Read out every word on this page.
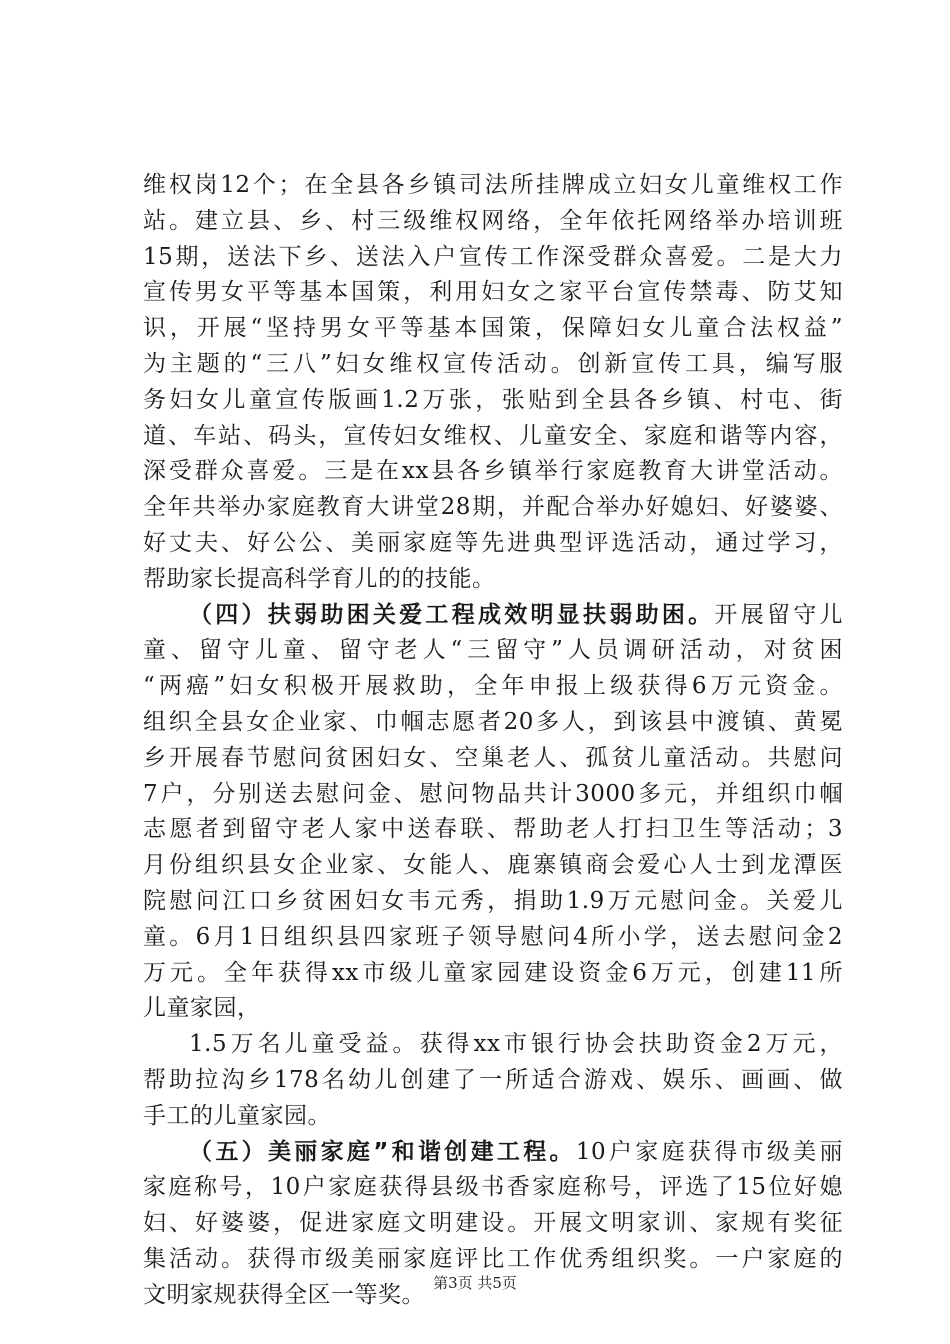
维权岗12个；在全县各乡镇司法所挂牌成立妇女儿童维权工作
站。建立县、乡、村三级维权网络，全年依托网络举办培训班
15期，送法下乡、送法入户宣传工作深受群众喜爱。二是大力
宣传男女平等基本国策，利用妇女之家平台宣传禁毒、防艾知
识，开展“坚持男女平等基本国策，保障妇女儿童合法权益”
为主题的“三八”妇女维权宣传活动。创新宣传工具，编写服
务妇女儿童宣传版画1.2万张，张贴到全县各乡镇、村屯、街
道、车站、码头，宣传妇女维权、儿童安全、家庭和谐等内容，
深受群众喜爱。三是在xx县各乡镇举行家庭教育大讲堂活动。
全年共举办家庭教育大讲堂28期，并配合举办好媳妇、好婆婆、
好丈夫、好公公、美丽家庭等先进典型评选活动，通过学习，
帮助家长提高科学育儿的的技能。
（四）扶弱助困关爱工程成效明显扶弱助困。开展留守儿
童、留守儿童、留守老人“三留守”人员调研活动，对贫困
“两癌”妇女积极开展救助，全年申报上级获得6万元资金。
组织全县女企业家、巾帼志愿者20多人，到该县中渡镇、黄冕
乡开展春节慰问贫困妇女、空巢老人、孤贫儿童活动。共慰问
7户，分别送去慰问金、慰问物品共计3000多元，并组织巾帼
志愿者到留守老人家中送春联、帮助老人打扫卫生等活动；3
月份组织县女企业家、女能人、鹿寨镇商会爱心人士到龙潭医
院慰问江口乡贫困妇女韦元秀，捐助1.9万元慰问金。关爱儿
童。6月1日组织县四家班子领导慰问4所小学，送去慰问金2
万元。全年获得xx市级儿童家园建设资金6万元，创建11所
儿童家园，
1.5万名儿童受益。获得xx市银行协会扶助资金2万元，
帮助拉沟乡178名幼儿创建了一所适合游戏、娱乐、画画、做
手工的儿童家园。
（五）美丽家庭”和谐创建工程。10户家庭获得市级美丽
家庭称号，10户家庭获得县级书香家庭称号，评选了15位好媳
妇、好婆婆，促进家庭文明建设。开展文明家训、家规有奖征
集活动。获得市级美丽家庭评比工作优秀组织奖。一户家庭的
文明家规获得全区一等奖。 第3页 共5页
